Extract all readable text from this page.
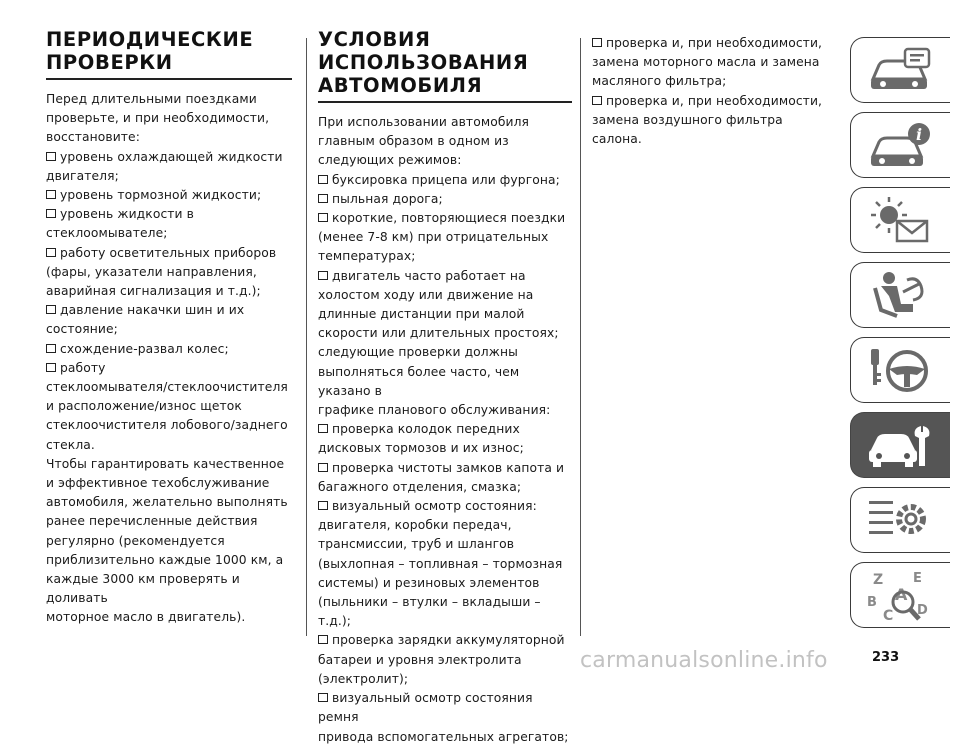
ПЕРИОДИЧЕСКИЕ
ПРОВЕРКИ
Перед длительными поездками
проверьте, и при необходимости,
восстановите:
уровень охлаждающей жидкости
двигателя;
уровень тормозной жидкости;
уровень жидкости в
стеклоомывателе;
работу осветительных приборов
(фары, указатели направления,
аварийная сигнализация и т.д.);
давление накачки шин и их
состояние;
схождение-развал колес;
работу
стеклоомывателя/стеклоочистителя
и расположение/износ щеток
стеклоочистителя лобового/заднего
стекла.
Чтобы гарантировать качественное
и эффективное техобслуживание
автомобиля, желательно выполнять
ранее перечисленные действия
регулярно (рекомендуется
приблизительно каждые 1000 км, а
каждые 3000 км проверять и доливать
моторное масло в двигатель).
УСЛОВИЯ
ИСПОЛЬЗОВАНИЯ
АВТОМОБИЛЯ
При использовании автомобиля
главным образом в одном из
следующих режимов:
буксировка прицепа или фургона;
пыльная дорога;
короткие, повторяющиеся поездки
(менее 7-8 км) при отрицательных
температурах;
двигатель часто работает на
холостом ходу или движение на
длинные дистанции при малой
скорости или длительных простоях;
следующие проверки должны
выполняться более часто, чем указано в
графике планового обслуживания:
проверка колодок передних
дисковых тормозов и их износ;
проверка чистоты замков капота и
багажного отделения, смазка;
визуальный осмотр состояния:
двигателя, коробки передач,
трансмиссии, труб и шлангов
(выхлопная – топливная – тормозная
системы) и резиновых элементов
(пыльники – втулки – вкладыши – т.д.);
проверка зарядки аккумуляторной
батареи и уровня электролита
(электролит);
визуальный осмотр состояния ремня
привода вспомогательных агрегатов;
проверка и, при необходимости,
замена моторного масла и замена
масляного фильтра;
проверка и, при необходимости,
замена воздушного фильтра салона.	i
Z E
A
B
C D
233
carmanualsonline.info
